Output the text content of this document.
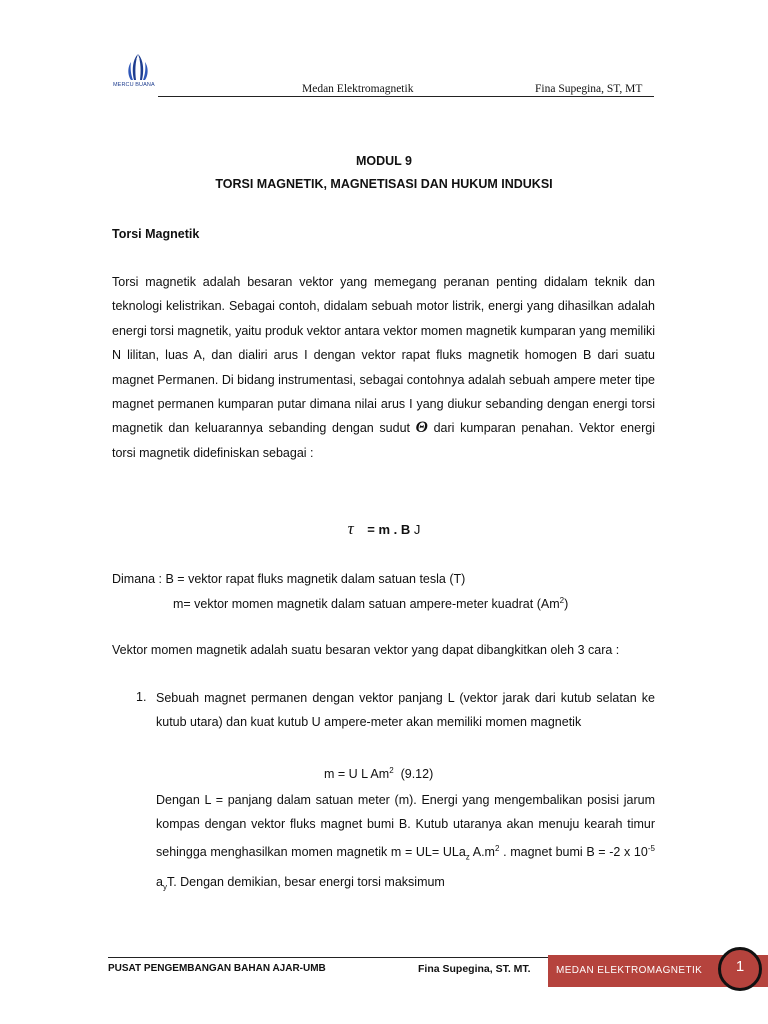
MERCU BUANA	Medan Elektromagnetik	Fina Supegina, ST, MT
MODUL 9
TORSI MAGNETIK, MAGNETISASI DAN HUKUM INDUKSI
Torsi Magnetik

Torsi magnetik adalah besaran vektor yang memegang peranan penting didalam teknik dan teknologi kelistrikan. Sebagai contoh, didalam sebuah motor listrik, energi yang dihasilkan adalah energi torsi magnetik, yaitu produk vektor antara vektor momen magnetik kumparan yang memiliki N lilitan, luas A, dan dialiri arus I dengan vektor rapat fluks magnetik homogen B dari suatu magnet Permanen. Di bidang instrumentasi, sebagai contohnya adalah sebuah ampere meter tipe magnet permanen kumparan putar dimana nilai arus I yang diukur sebanding dengan energi torsi magnetik dan keluarannya sebanding dengan sudut Θ dari kumparan penahan. Vektor energi torsi magnetik didefiniskan sebagai :

τ = m . B J
Dimana : B = vektor rapat fluks magnetik dalam satuan tesla (T)
m= vektor momen magnetik dalam satuan ampere-meter kuadrat (Am$^2$)

Vektor momen magnetik adalah suatu besaran vektor yang dapat dibangkitkan oleh 3 cara :

1. Sebuah magnet permanen dengan vektor panjang L (vektor jarak dari kutub selatan ke kutub utara) dan kuat kutub U ampere-meter akan memiliki momen magnetik

m = U L Am$^2$ (9.12)

Dengan L = panjang dalam satuan meter (m). Energi yang mengembalikan posisi jarum kompas dengan vektor fluks magnet bumi B. Kutub utaranya akan menuju kearah timur sehingga menghasilkan momen magnetik m = UL= ULa$_z$ $A.m^2$ . magnet bumi B = -2 x $10^{-5}$ $a_yT$. Dengan demikian, besar energi torsi maksimum

PUSAT PENGEMBANGAN BAHAN AJAR-UMB	Fina Supegina, ST. MT.	MEDAN ELEKTROMAGNETIK	1
